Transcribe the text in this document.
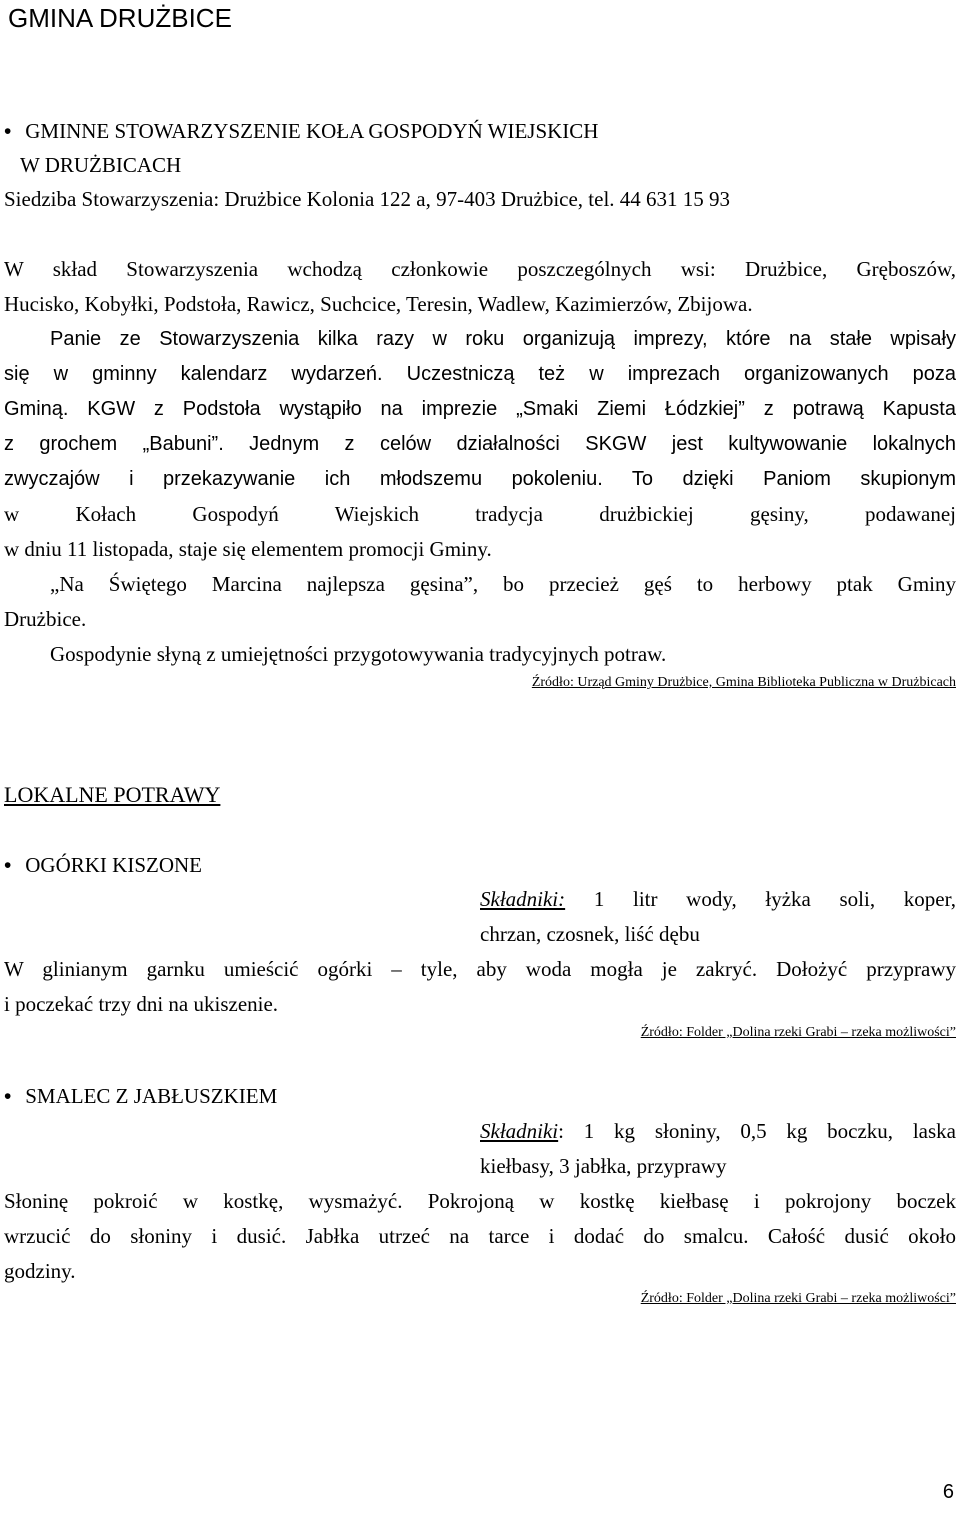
GMINA DRUŻBICE
• GMINNE STOWARZYSZENIE KOŁA GOSPODYŃ WIEJSKICH
W DRUŻBICACH
Siedziba Stowarzyszenia: Drużbice Kolonia 122 a, 97-403 Drużbice, tel. 44 631 15 93
W skład Stowarzyszenia wchodzą członkowie poszczególnych wsi: Drużbice, Gręboszów,
Hucisko, Kobyłki, Podstoła, Rawicz, Suchcice, Teresin, Wadlew, Kazimierzów, Zbijowa.
Panie ze Stowarzyszenia kilka razy w roku organizują imprezy, które na stałe wpisały
się w gminny kalendarz wydarzeń. Uczestniczą też w imprezach organizowanych poza
Gminą. KGW z Podstoła wystąpiło na imprezie „Smaki Ziemi Łódzkiej” z potrawą Kapusta
z grochem „Babuni”. Jednym z celów działalności SKGW jest kultywowanie lokalnych
zwyczajów i przekazywanie ich młodszemu pokoleniu. To dzięki Paniom skupionym
w Kołach Gospodyń Wiejskich tradycja drużbickiej gęsiny, podawanej
w dniu 11 listopada, staje się elementem promocji Gminy.
„Na Świętego Marcina najlepsza gęsina”, bo przecież gęś to herbowy ptak Gminy
Drużbice.
Gospodynie słyną z umiejętności przygotowywania tradycyjnych potraw.
Źródło: Urząd Gminy Drużbice, Gmina Biblioteka Publiczna w Drużbicach
LOKALNE POTRAWY
• OGÓRKI KISZONE
Składniki: 1 litr wody, łyżka soli, koper,
chrzan, czosnek, liść dębu
W glinianym garnku umieścić ogórki – tyle, aby woda mogła je zakryć. Dołożyć przyprawy
i poczekać trzy dni na ukiszenie.
Źródło: Folder „Dolina rzeki Grabi – rzeka możliwości”
• SMALEC Z JABŁUSZKIEM
Składniki: 1 kg słoniny, 0,5 kg boczku, laska
kiełbasy, 3 jabłka, przyprawy
Słoninę pokroić w kostkę, wysmażyć. Pokrojoną w kostkę kiełbasę i pokrojony boczek
wrzucić do słoniny i dusić. Jabłka utrzeć na tarce i dodać do smalcu. Całość dusić około
godziny.
Źródło: Folder „Dolina rzeki Grabi – rzeka możliwości”
6
